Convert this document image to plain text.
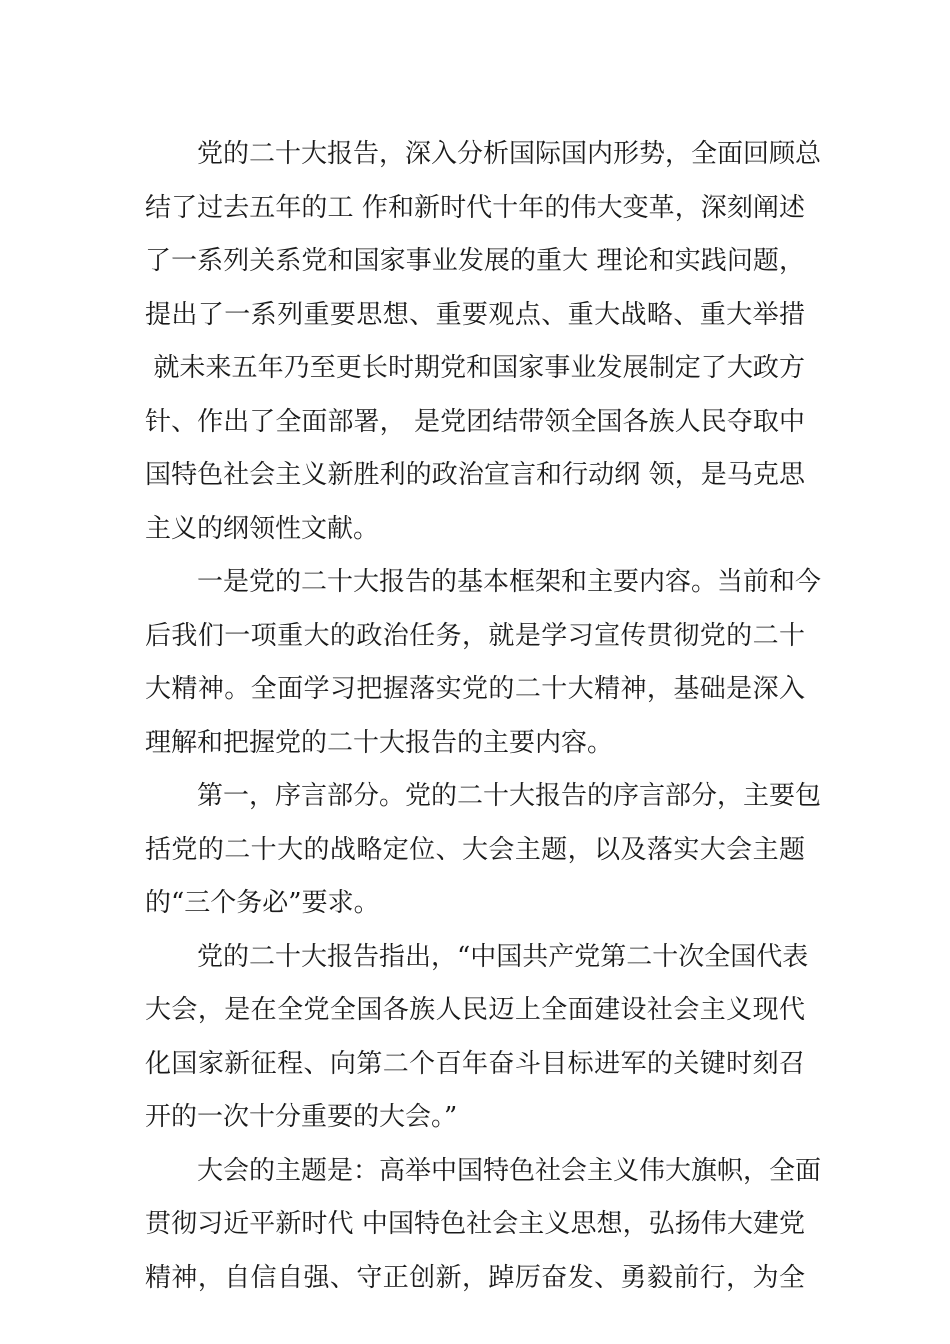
　　党的二十大报告，深入分析国际国内形势，全面回顾总
结了过去五年的工 作和新时代十年的伟大变革，深刻阐述
了一系列关系党和国家事业发展的重大 理论和实践问题，
提出了一系列重要思想、重要观点、重大战略、重大举措
就未来五年乃至更长时期党和国家事业发展制定了大政方
针、作出了全面部署， 是党团结带领全国各族人民夺取中
国特色社会主义新胜利的政治宣言和行动纲 领，是马克思
主义的纲领性文献。
　　一是党的二十大报告的基本框架和主要内容。当前和今
后我们一项重大的政治任务，就是学习宣传贯彻党的二十
大精神。全面学习把握落实党的二十大精神，基础是深入
理解和把握党的二十大报告的主要内容。
　　第一，序言部分。党的二十大报告的序言部分，主要包
括党的二十大的战略定位、大会主题，以及落实大会主题
的“三个务必”要求。
　　党的二十大报告指出，“中国共产党第二十次全国代表
大会，是在全党全国各族人民迈上全面建设社会主义现代
化国家新征程、向第二个百年奋斗目标进军的关键时刻召
开的一次十分重要的大会。”
　　大会的主题是：高举中国特色社会主义伟大旗帜，全面
贯彻习近平新时代 中国特色社会主义思想，弘扬伟大建党
精神，自信自强、守正创新，踔厉奋发、勇毅前行，为全
